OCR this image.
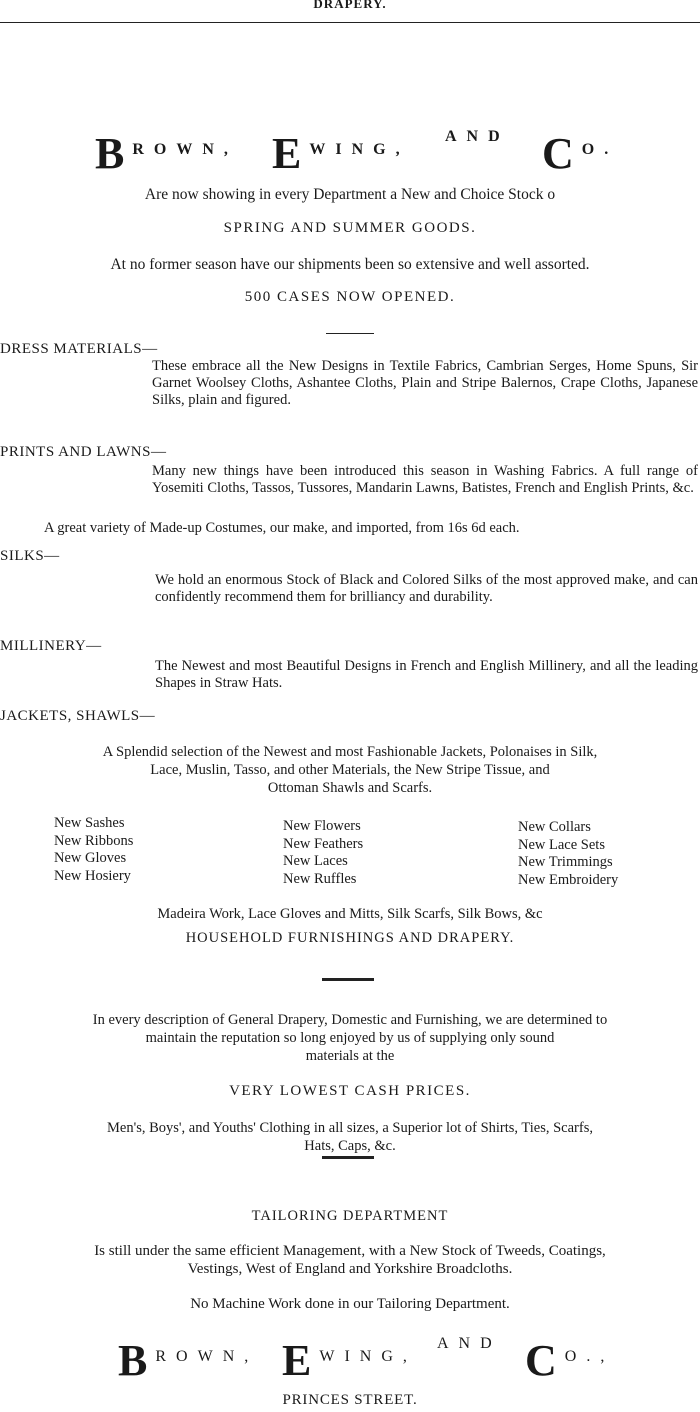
DRAPERY.
BROWN, EWING,
AND C O.
Are now showing in every Department a New and Choice Stock o
SPRING AND SUMMER GOODS.
At no former season have our shipments been so extensive and well assorted.
500 CASES NOW OPENED.
DRESS MATERIALS—
These embrace all the New Designs in Textile Fabrics, Cambrian Serges, Home Spuns, Sir Garnet Woolsey Cloths, Ashantee Cloths, Plain and Stripe Balernos, Crape Cloths, Japanese Silks, plain and figured.
PRINTS AND LAWNS—
Many new things have been introduced this season in Washing Fabrics. A full range of Yosemiti Cloths, Tassos, Tussores, Mandarin Lawns, Batistes, French and English Prints, &c.
A great variety of Made-up Costumes, our make, and imported, from 16s 6d each.
SILKS—
We hold an enormous Stock of Black and Colored Silks of the most approved make, and can confidently recommend them for brilliancy and durability.
MILLINERY—
The Newest and most Beautiful Designs in French and English Millinery, and all the leading Shapes in Straw Hats.
JACKETS, SHAWLS—
A Splendid selection of the Newest and most Fashionable Jackets, Polonaises in Silk,
Lace, Muslin, Tasso, and other Materials, the New Stripe Tissue, and
Ottoman Shawls and Scarfs.
New Sashes
New Ribbons
New Gloves
New Hosiery
New Flowers
New Feathers
New Laces
New Ruffles
New Collars
New Lace Sets
New Trimmings
New Embroidery
Madeira Work, Lace Gloves and Mitts, Silk Scarfs, Silk Bows, &c
HOUSEHOLD FURNISHINGS AND DRAPERY.
In every description of General Drapery, Domestic and Furnishing, we are determined to
maintain the reputation so long enjoyed by us of supplying only sound
materials at the
VERY LOWEST CASH PRICES.
Men's, Boys', and Youths' Clothing in all sizes, a Superior lot of Shirts, Ties, Scarfs,
Hats, Caps, &c.
TAILORING DEPARTMENT
Is still under the same efficient Management, with a New Stock of Tweeds, Coatings,
Vestings, West of England and Yorkshire Broadcloths.
No Machine Work done in our Tailoring Department.
BROWN, EWING,
AND C O.,
PRINCES STREET.
